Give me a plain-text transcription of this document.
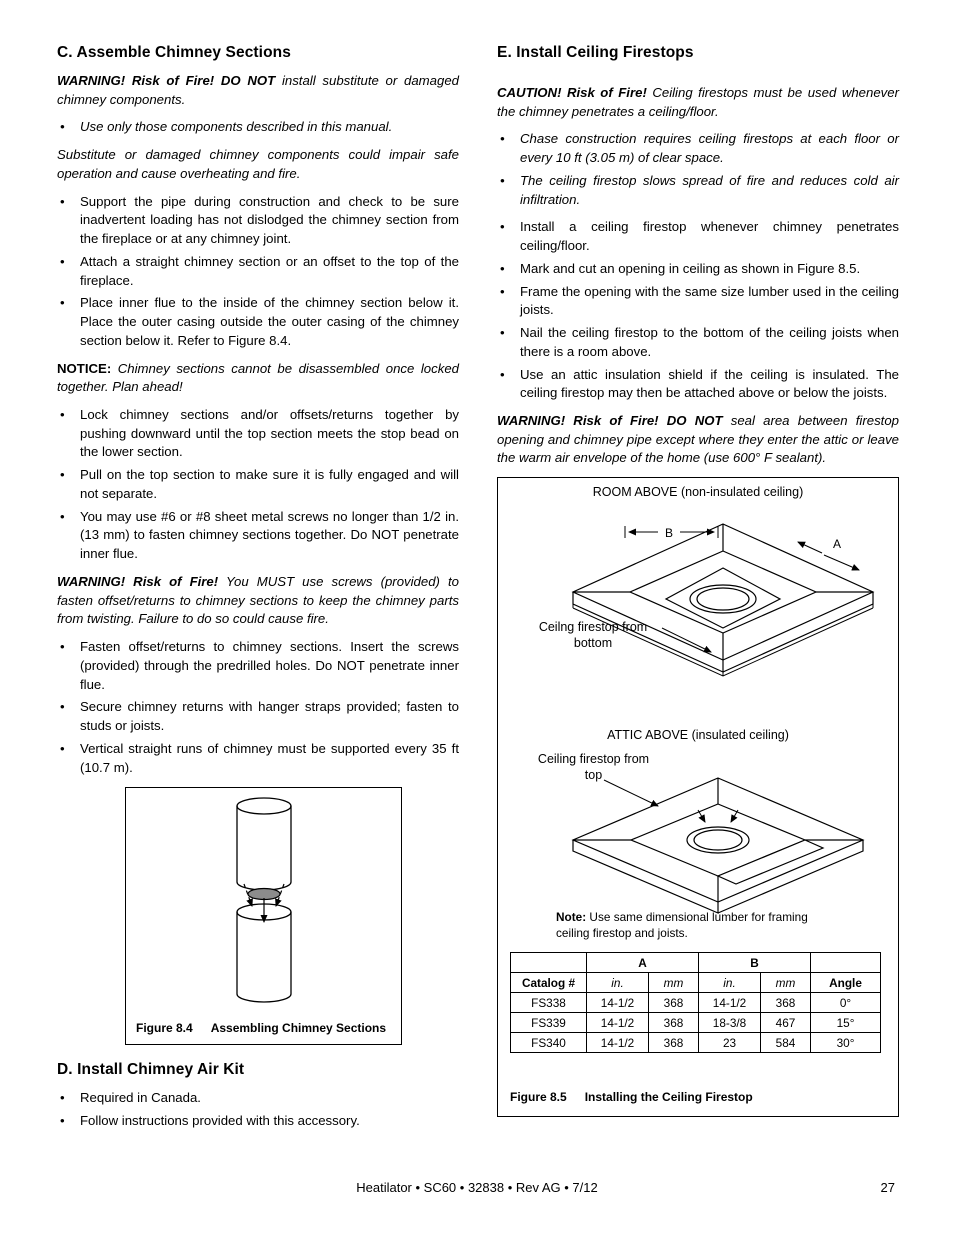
C. Assemble Chimney Sections

WARNING! Risk of Fire! DO NOT install substitute or damaged chimney components.

• Use only those components described in this manual.

Substitute or damaged chimney components could impair safe operation and cause overheating and fire.

• Support the pipe during construction and check to be sure inadvertent loading has not dislodged the chimney section from the fireplace or at any chimney joint.
• Attach a straight chimney section or an offset to the top of the fireplace.
• Place inner flue to the inside of the chimney section below it. Place the outer casing outside the outer casing of the chimney section below it. Refer to Figure 8.4.

NOTICE: Chimney sections cannot be disassembled once locked together. Plan ahead!

• Lock chimney sections and/or offsets/returns together by pushing downward until the top section meets the stop bead on the lower section.
• Pull on the top section to make sure it is fully engaged and will not separate.
• You may use #6 or #8 sheet metal screws no longer than 1/2 in. (13 mm) to fasten chimney sections together. Do NOT penetrate inner flue.

WARNING! Risk of Fire! You MUST use screws (provided) to fasten offset/returns to chimney sections to keep the chimney parts from twisting. Failure to do so could cause fire.

• Fasten offset/returns to chimney sections. Insert the screws (provided) through the predrilled holes. Do NOT penetrate inner flue.
• Secure chimney returns with hanger straps provided; fasten to studs or joists.
• Vertical straight runs of chimney must be supported every 35 ft (10.7 m).
Figure 8.4 Assembling Chimney Sections
D. Install Chimney Air Kit
• Required in Canada.
• Follow instructions provided with this accessory.
E. Install Ceiling Firestops

CAUTION! Risk of Fire! Ceiling firestops must be used whenever the chimney penetrates a ceiling/floor.

• Chase construction requires ceiling firestops at each floor or every 10 ft (3.05 m) of clear space.
• The ceiling firestop slows spread of fire and reduces cold air infiltration.
• Install a ceiling firestop whenever chimney penetrates ceiling/floor.
• Mark and cut an opening in ceiling as shown in Figure 8.5.
• Frame the opening with the same size lumber used in the ceiling joists.
• Nail the ceiling firestop to the bottom of the ceiling joists when there is a room above.
• Use an attic insulation shield if the ceiling is insulated. The ceiling firestop may then be attached above or below the joists.

WARNING! Risk of Fire! DO NOT seal area between firestop opening and chimney pipe except where they enter the attic or leave the warm air envelope of the home (use 600° F sealant).

ROOM ABOVE (non-insulated ceiling)
B
A
Ceilng firestop from
bottom
ATTIC ABOVE (insulated ceiling)
Ceiling firestop from
top
Note: Use same dimensional lumber for framing ceiling firestop and joists.
	A		B		
Catalog #	in.	mm	in.	mm	Angle
FS338	14-1/2	368	14-1/2	368	0°
FS339	14-1/2	368	18-3/8	467	15°
FS340	14-1/2	368	23	584	30°
Figure 8.5 Installing the Ceiling Firestop
Heatilator • SC60 • 32838 • Rev AG • 7/12	27
